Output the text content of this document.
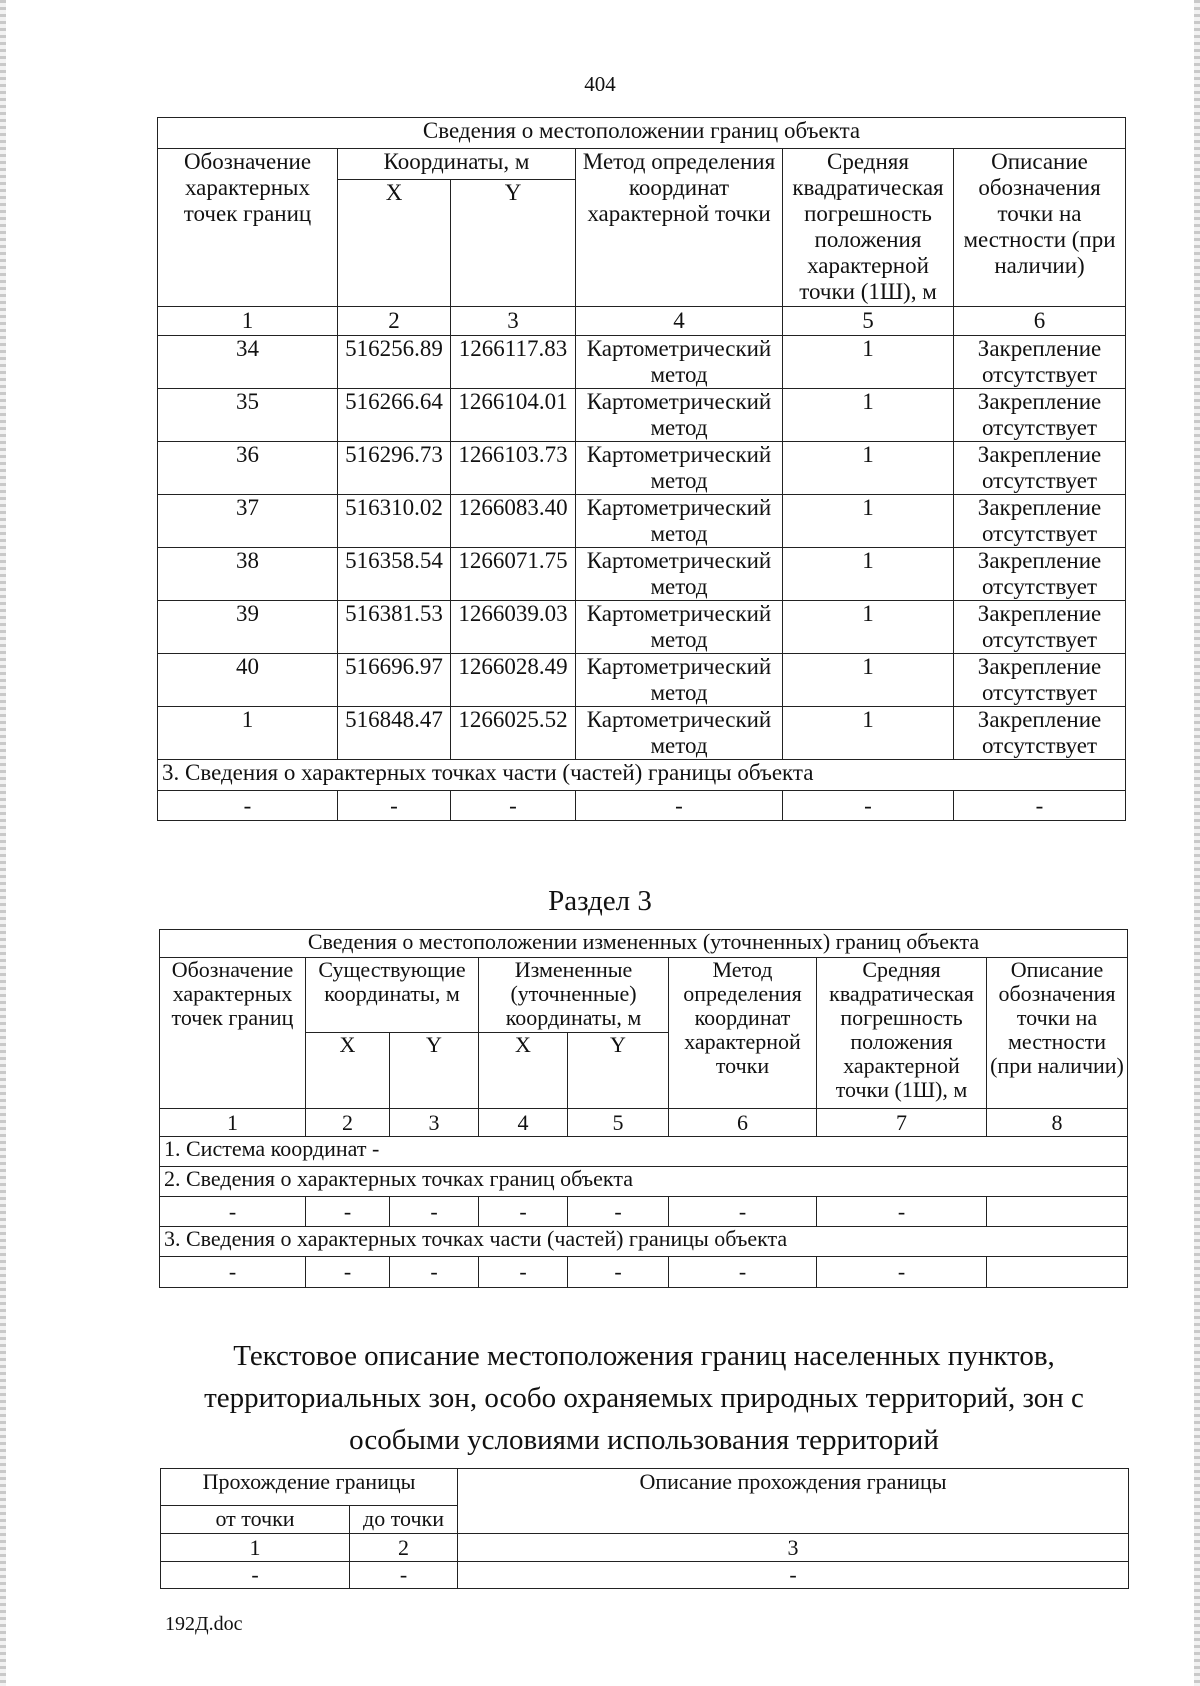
404
Сведения о местоположении границ объекта					
Обозначение характерных точек границ	Координаты, м		Метод определения координат характерной точки	Средняя квадратическая погрешность положения характерной точки (1Ш), м	Описание обозначения точки на местности (при наличии)
	X	Y			
1	2	3	4	5	6
34	516256.89	1266117.83	Картометрический метод	1	Закрепление отсутствует
35	516266.64	1266104.01	Картометрический метод	1	Закрепление отсутствует
36	516296.73	1266103.73	Картометрический метод	1	Закрепление отсутствует
37	516310.02	1266083.40	Картометрический метод	1	Закрепление отсутствует
38	516358.54	1266071.75	Картометрический метод	1	Закрепление отсутствует
39	516381.53	1266039.03	Картометрический метод	1	Закрепление отсутствует
40	516696.97	1266028.49	Картометрический метод	1	Закрепление отсутствует
1	516848.47	1266025.52	Картометрический метод	1	Закрепление отсутствует
3. Сведения о характерных точках части (частей) границы объекта					
-	-	-	-	-	-
Раздел 3
Сведения о местоположении измененных (уточненных) границ объекта							
Обозначение характерных точек границ	Существующие координаты, м		Измененные (уточненные) координаты, м		Метод определения координат характерной точки	Средняя квадратическая погрешность положения характерной точки (1Ш), м	Описание обозначения точки на местности (при наличии)
	X	Y	X	Y			
1	2	3	4	5	6	7	8
1. Система координат -							
2. Сведения о характерных точках границ объекта							
-	-	-	-	-	-	-	
3. Сведения о характерных точках части (частей) границы объекта							
-	-	-	-	-	-	-	
Текстовое описание местоположения границ населенных пунктов, территориальных зон, особо охраняемых природных территорий, зон с особыми условиями использования территорий
Прохождение границы		Описание прохождения границы
от точки	до точки	
1	2	3
-	-	-
192Д.doc
